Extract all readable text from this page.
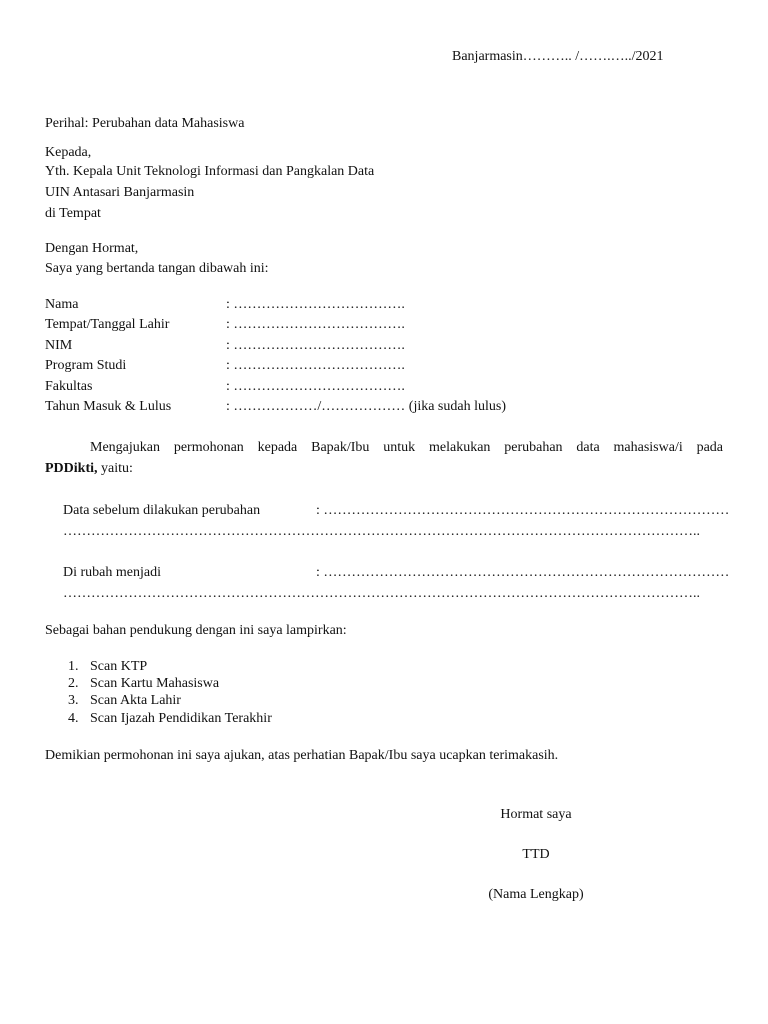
Banjarmasin……….. /…….…../2021
Perihal: Perubahan data Mahasiswa
Kepada,
Yth. Kepala Unit Teknologi Informasi dan Pangkalan Data
UIN Antasari Banjarmasin
di Tempat
Dengan Hormat,
Saya yang bertanda tangan dibawah ini:
Nama	: ……………………………….
Tempat/Tanggal Lahir	: ……………………………….
NIM	: ……………………………….
Program Studi	: ……………………………….
Fakultas	: ……………………………….
Tahun Masuk & Lulus	: ………………/……………… (jika sudah lulus)
Mengajukan permohonan kepada Bapak/Ibu untuk melakukan perubahan data mahasiswa/i pada
PDDikti, yaitu:
Data sebelum dilakukan perubahan	: ……………………………………………………………………………
………………………………………………………………………………………………………………………..
Di rubah menjadi	: ……………………………………………………………………………
………………………………………………………………………………………………………………………..
Sebagai bahan pendukung dengan ini saya lampirkan:
1. Scan KTP
2. Scan Kartu Mahasiswa
3. Scan Akta Lahir
4. Scan Ijazah Pendidikan Terakhir
Demikian permohonan ini saya ajukan, atas perhatian Bapak/Ibu saya ucapkan terimakasih.
Hormat saya
TTD
(Nama Lengkap)
